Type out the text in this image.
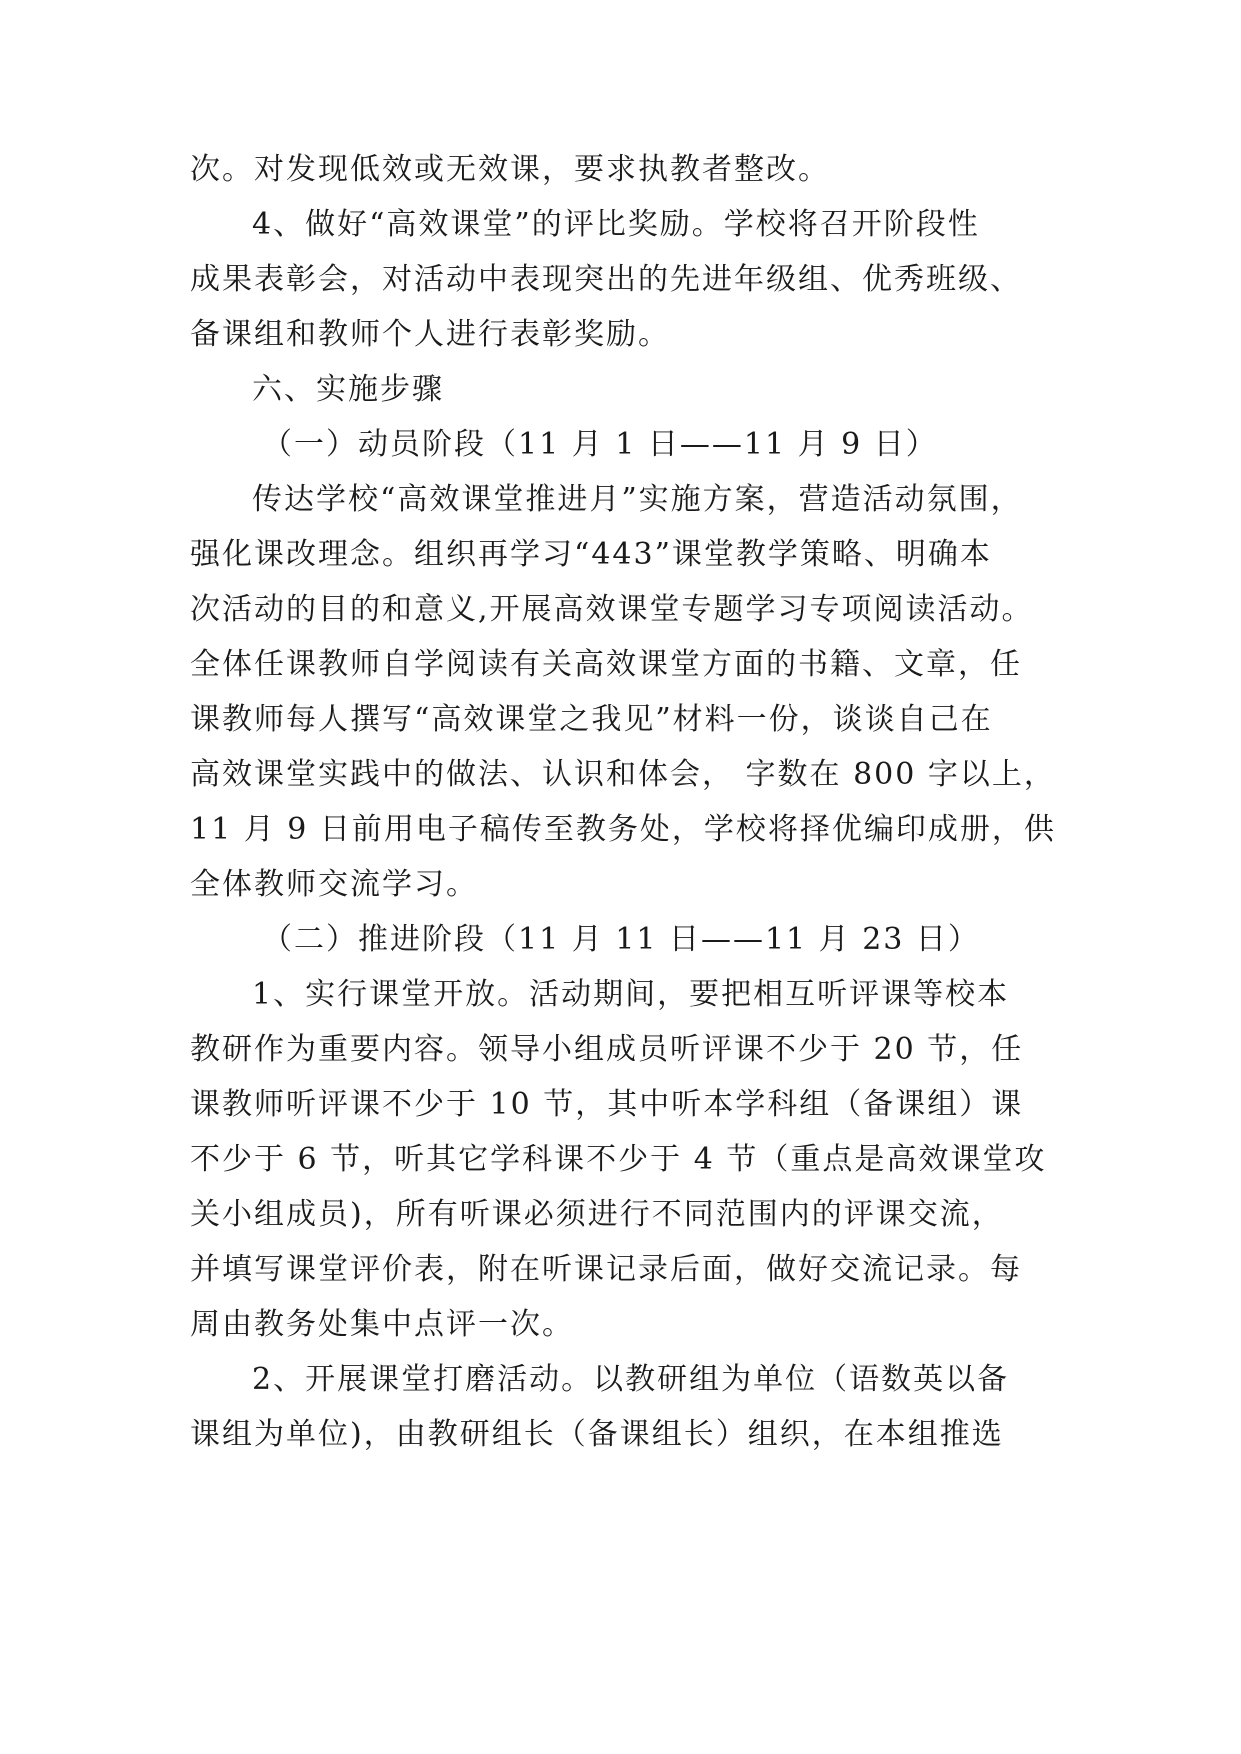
次。对发现低效或无效课，要求执教者整改。
4、做好“高效课堂”的评比奖励。学校将召开阶段性
成果表彰会，对活动中表现突出的先进年级组、优秀班级、
备课组和教师个人进行表彰奖励。
六、实施步骤
（一）动员阶段（11 月 1 日——11 月 9 日）
传达学校“高效课堂推进月”实施方案，营造活动氛围，
强化课改理念。组织再学习“443”课堂教学策略、明确本
次活动的目的和意义,开展高效课堂专题学习专项阅读活动。
全体任课教师自学阅读有关高效课堂方面的书籍、文章，任
课教师每人撰写“高效课堂之我见”材料一份，谈谈自己在
高效课堂实践中的做法、认识和体会， 字数在 800 字以上，
11 月 9 日前用电子稿传至教务处，学校将择优编印成册，供
全体教师交流学习。
（二）推进阶段（11 月 11 日——11 月 23 日）
1、实行课堂开放。活动期间，要把相互听评课等校本
教研作为重要内容。领导小组成员听评课不少于 20 节，任
课教师听评课不少于 10 节，其中听本学科组（备课组）课
不少于 6 节，听其它学科课不少于 4 节（重点是高效课堂攻
关小组成员)，所有听课必须进行不同范围内的评课交流，
并填写课堂评价表，附在听课记录后面，做好交流记录。每
周由教务处集中点评一次。
2、开展课堂打磨活动。以教研组为单位（语数英以备
课组为单位)，由教研组长（备课组长）组织，在本组推选
